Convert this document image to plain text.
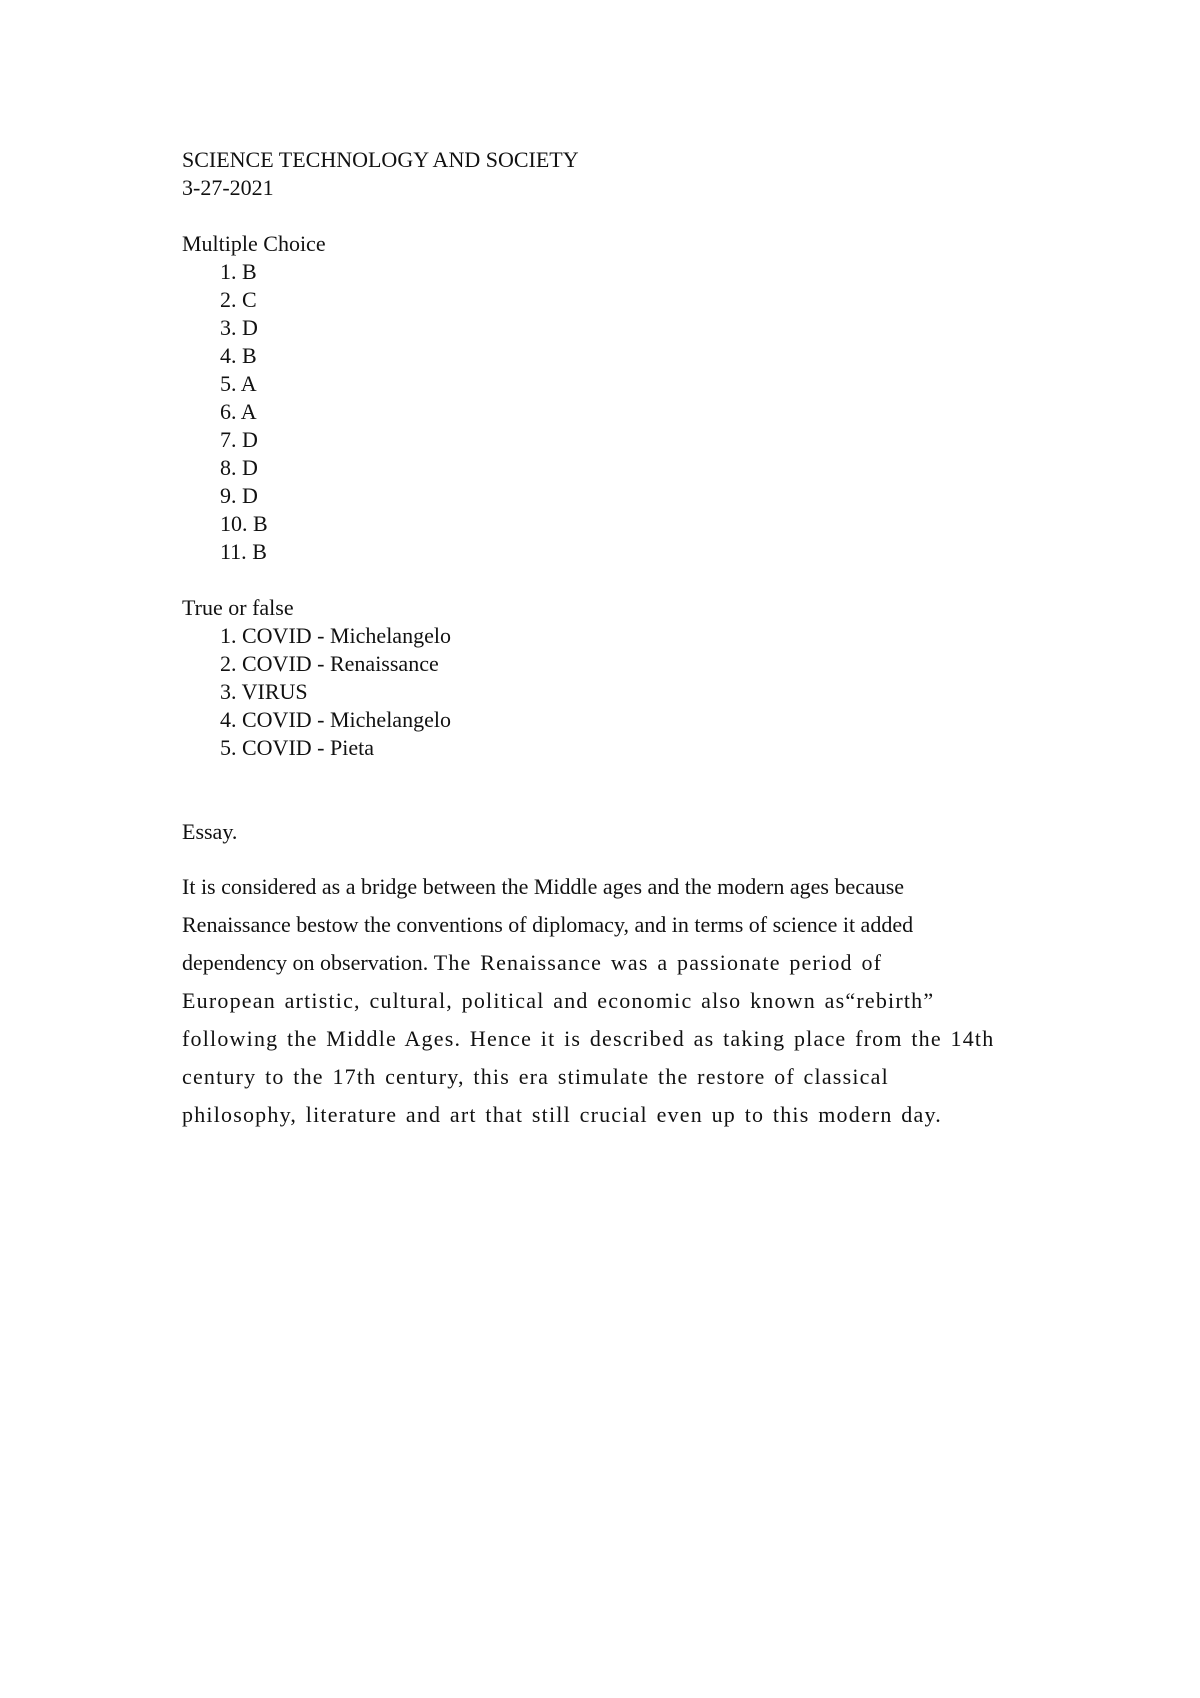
SCIENCE TECHNOLOGY AND SOCIETY

3-27-2021

Multiple Choice

1. B
2. C
3. D
4. B
5. A
6. A
7. D
8. D
9. D
10. B
11. B

True or false

1. COVID - Michelangelo
2. COVID - Renaissance
3. VIRUS
4. COVID - Michelangelo
5. COVID - Pieta

Essay.

It is considered as a bridge between the Middle ages and the modern ages because
Renaissance bestow the conventions of diplomacy, and in terms of science it added
dependency on observation. The Renaissance was a passionate period of
European artistic, cultural, political and economic also known as“rebirth”
following the Middle Ages. Hence it is described as taking place from the 14th
century to the 17th century, this era stimulate the restore of classical
philosophy, literature and art that still crucial even up to this modern day.
